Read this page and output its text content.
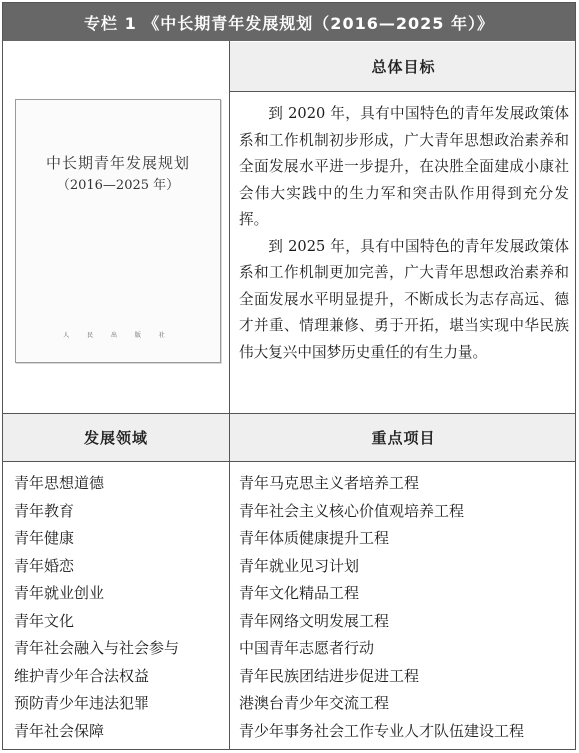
专栏 1 《中长期青年发展规划（2016—2025 年）》
总体目标
中长期青年发展规划
（2016—2025 年）
人 民 出 版 社

到 2020 年，具有中国特色的青年发展政策体系和工作机制初步形成，广大青年思想政治素养和全面发展水平进一步提升，在决胜全面建成小康社会伟大实践中的生力军和突击队作用得到充分发挥。

到 2025 年，具有中国特色的青年发展政策体系和工作机制更加完善，广大青年思想政治素养和全面发展水平明显提升，不断成长为志存高远、德才并重、情理兼修、勇于开拓，堪当实现中华民族伟大复兴中国梦历史重任的有生力量。

发展领域	重点项目
青年思想道德
青年教育
青年健康
青年婚恋
青年就业创业
青年文化
青年社会融入与社会参与
维护青少年合法权益
预防青少年违法犯罪
青年社会保障
青年马克思主义者培养工程
青年社会主义核心价值观培养工程
青年体质健康提升工程
青年就业见习计划
青年文化精品工程
青年网络文明发展工程
中国青年志愿者行动
青年民族团结进步促进工程
港澳台青少年交流工程
青少年事务社会工作专业人才队伍建设工程
